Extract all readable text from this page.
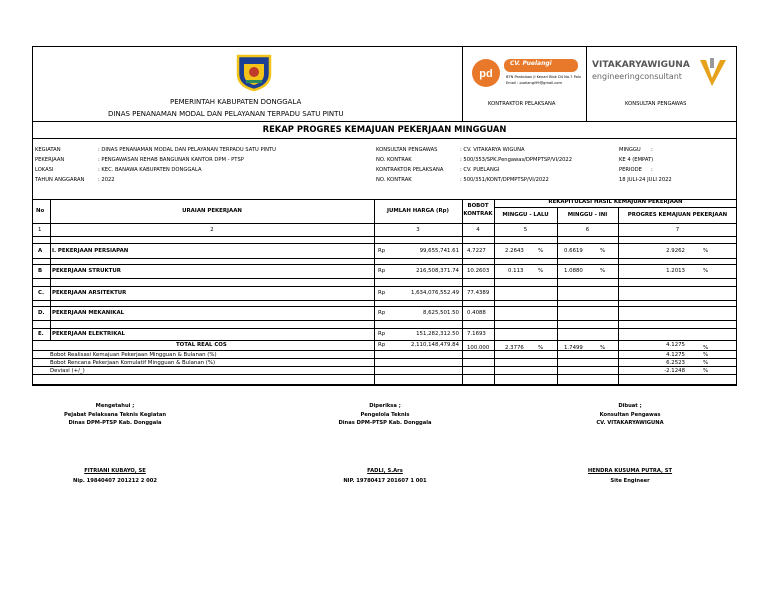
PEMERINTAH KABUPATEN DONGGALA
DINAS PENANAMAN MODAL DAN PELAYANAN TERPADU SATU PINTU
pd
CV. Puelangi
BTN Pantoloan Jl Kenari Blok D4 No.7 Palu
Email : puelangi99@gmail.com
KONTRAKTOR PELAKSANA
VITAKARYAWIGUNA
engineeringconsultant
KONSULTAN PENGAWAS
REKAP PROGRES KEMAJUAN PEKERJAAN MINGGUAN
KEGIATAN	: DINAS PENANAMAN MODAL DAN PELAYANAN TERPADU SATU PINTU
PEKERJAAN	: PENGAWASAN REHAB BANGUNAN KANTOR DPM - PTSP
LOKASI	: KEC. BANAWA KABUPATEN DONGGALA
TAHUN ANGGARAN	: 2022
KONSULTAN PENGAWAS	: CV. VITAKARYA WIGUNA
NO. KONTRAK	: 500/353/SPK.Pengawas/DPMPTSP/VI/2022
KONTRAKTOR PELAKSANA	: CV. PUELANGI
NO. KONTRAK	: 500/351/KONT/DPMPTSP/VI/2022
MINGGU :
KE 4 (EMPAT)
PERIODE :
18 JULI-24 JULI 2022
No	URAIAN PEKERJAAN	JUMLAH HARGA (Rp)
BOBOT
KONTRAK
REKAPITULASI HASIL KEMAJUAN PEKERJAAN
MINGGU - LALU	MINGGU - INI	PROGRES KEMAJUAN PEKERJAAN
1	2	3	4	5	6	7
A I. PEKERJAAN PERSIAPAN	Rp	99,655,741.61 4.7227	2.2643	%	0.6619	%	2.9262	%
B PEKERJAAN STRUKTUR	Rp	216,508,371.74 10.2603	0.113	%	1.0880	%	1.2013	%
C. PEKERJAAN ARSITEKTUR	Rp	1,634,076,552.49 77.4389
D. PEKERJAAN MEKANIKAL	Rp	8,625,501.50 0.4088
E. PEKERJAAN ELEKTRIKAL	Rp	151,282,312.50 7.1693
TOTAL REAL COS	Rp	2,110,148,479.84 100.000	2.3776	%	1.7499	%	4.1275	%
Bobot Realisasi Kemajuan Pekerjaan Mingguan & Bulanan (%)	4.1275	%
Bobot Rencana Pekerjaan Komulatif Mingguan & Bulanan (%)	6.2523	%
Deviasi (+/_)	-2.1248	%
Mengetahui ;
Pejabat Pelaksana Teknis Kegiatan
Dinas DPM-PTSP Kab. Donggala
FITRIANI KUBAYO, SE
Nip. 19840407 201212 2 002
Diperiksa ;
Pengelola Teknis
Dinas DPM-PTSP Kab. Donggala
FADLI, S.Ars
NIP. 19780417 201607 1 001
Dibuat ;
Konsultan Pengawas
CV. VITAKARYAWIGUNA
HENDRA KUSUMA PUTRA, ST
Site Engineer
